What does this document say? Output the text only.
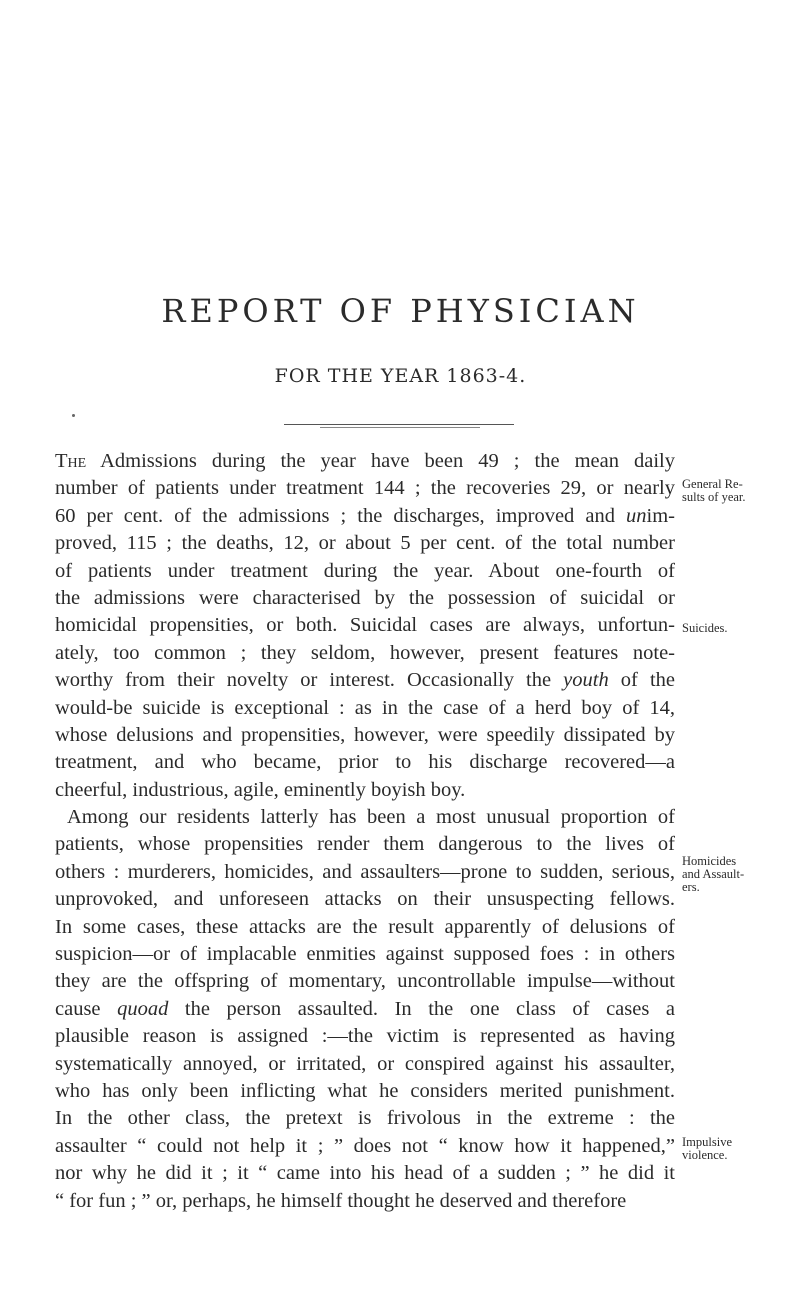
REPORT OF PHYSICIAN
FOR THE YEAR 1863-4.
The Admissions during the year have been 49 ; the mean daily
number of patients under treatment 144 ; the recoveries 29, or nearly
60 per cent. of the admissions ; the discharges, improved and unim-
proved, 115 ; the deaths, 12, or about 5 per cent. of the total number
of patients under treatment during the year. About one-fourth of
the admissions were characterised by the possession of suicidal or
homicidal propensities, or both. Suicidal cases are always, unfortun-
ately, too common ; they seldom, however, present features note-
worthy from their novelty or interest. Occasionally the youth of the
would-be suicide is exceptional : as in the case of a herd boy of 14,
whose delusions and propensities, however, were speedily dissipated by
treatment, and who became, prior to his discharge recovered—a
cheerful, industrious, agile, eminently boyish boy.
Among our residents latterly has been a most unusual proportion of
patients, whose propensities render them dangerous to the lives of
others : murderers, homicides, and assaulters—prone to sudden, serious,
unprovoked, and unforeseen attacks on their unsuspecting fellows.
In some cases, these attacks are the result apparently of delusions of
suspicion—or of implacable enmities against supposed foes : in others
they are the offspring of momentary, uncontrollable impulse—without
cause quoad the person assaulted. In the one class of cases a
plausible reason is assigned :—the victim is represented as having
systematically annoyed, or irritated, or conspired against his assaulter,
who has only been inflicting what he considers merited punishment.
In the other class, the pretext is frivolous in the extreme : the
assaulter “ could not help it ; ” does not “ know how it happened,”
nor why he did it ; it “ came into his head of a sudden ; ” he did it
“ for fun ; ” or, perhaps, he himself thought he deserved and therefore
General Re-
sults of year.
Suicides.
Homicides
and Assault-
ers.
Impulsive
violence.
